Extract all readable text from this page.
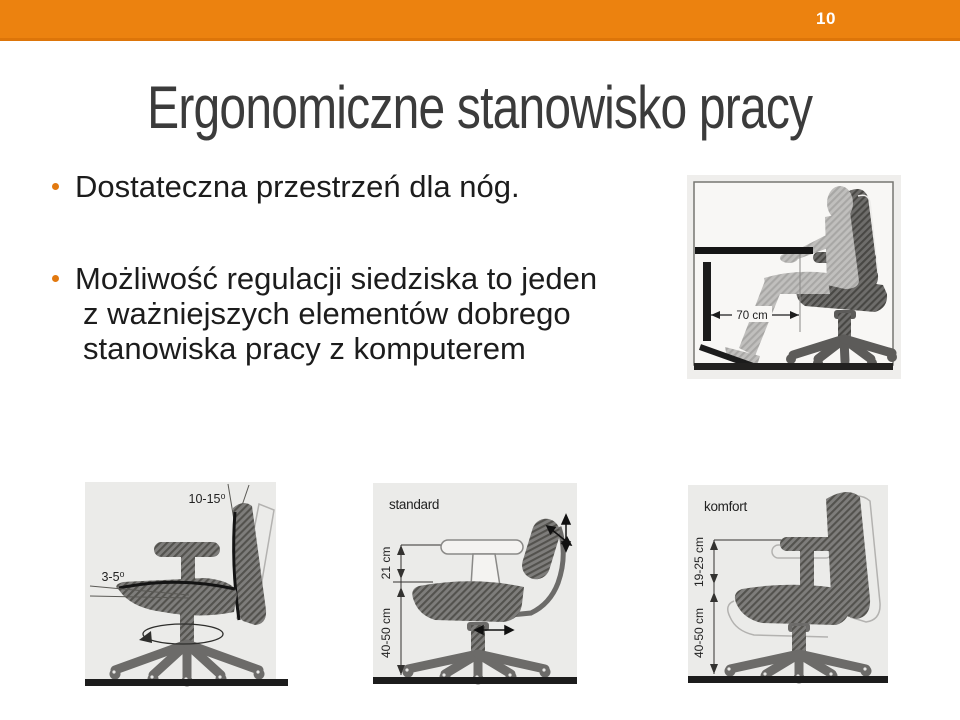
10
Ergonomiczne stanowisko pracy
Dostateczna przestrzeń dla nóg.
Możliwość regulacji siedziska to jeden
z ważniejszych elementów dobrego
stanowiska pracy z komputerem
70 cm
10-15⁰
3-5⁰
standard
21 cm
40-50 cm
komfort
19-25 cm
40-50 cm
